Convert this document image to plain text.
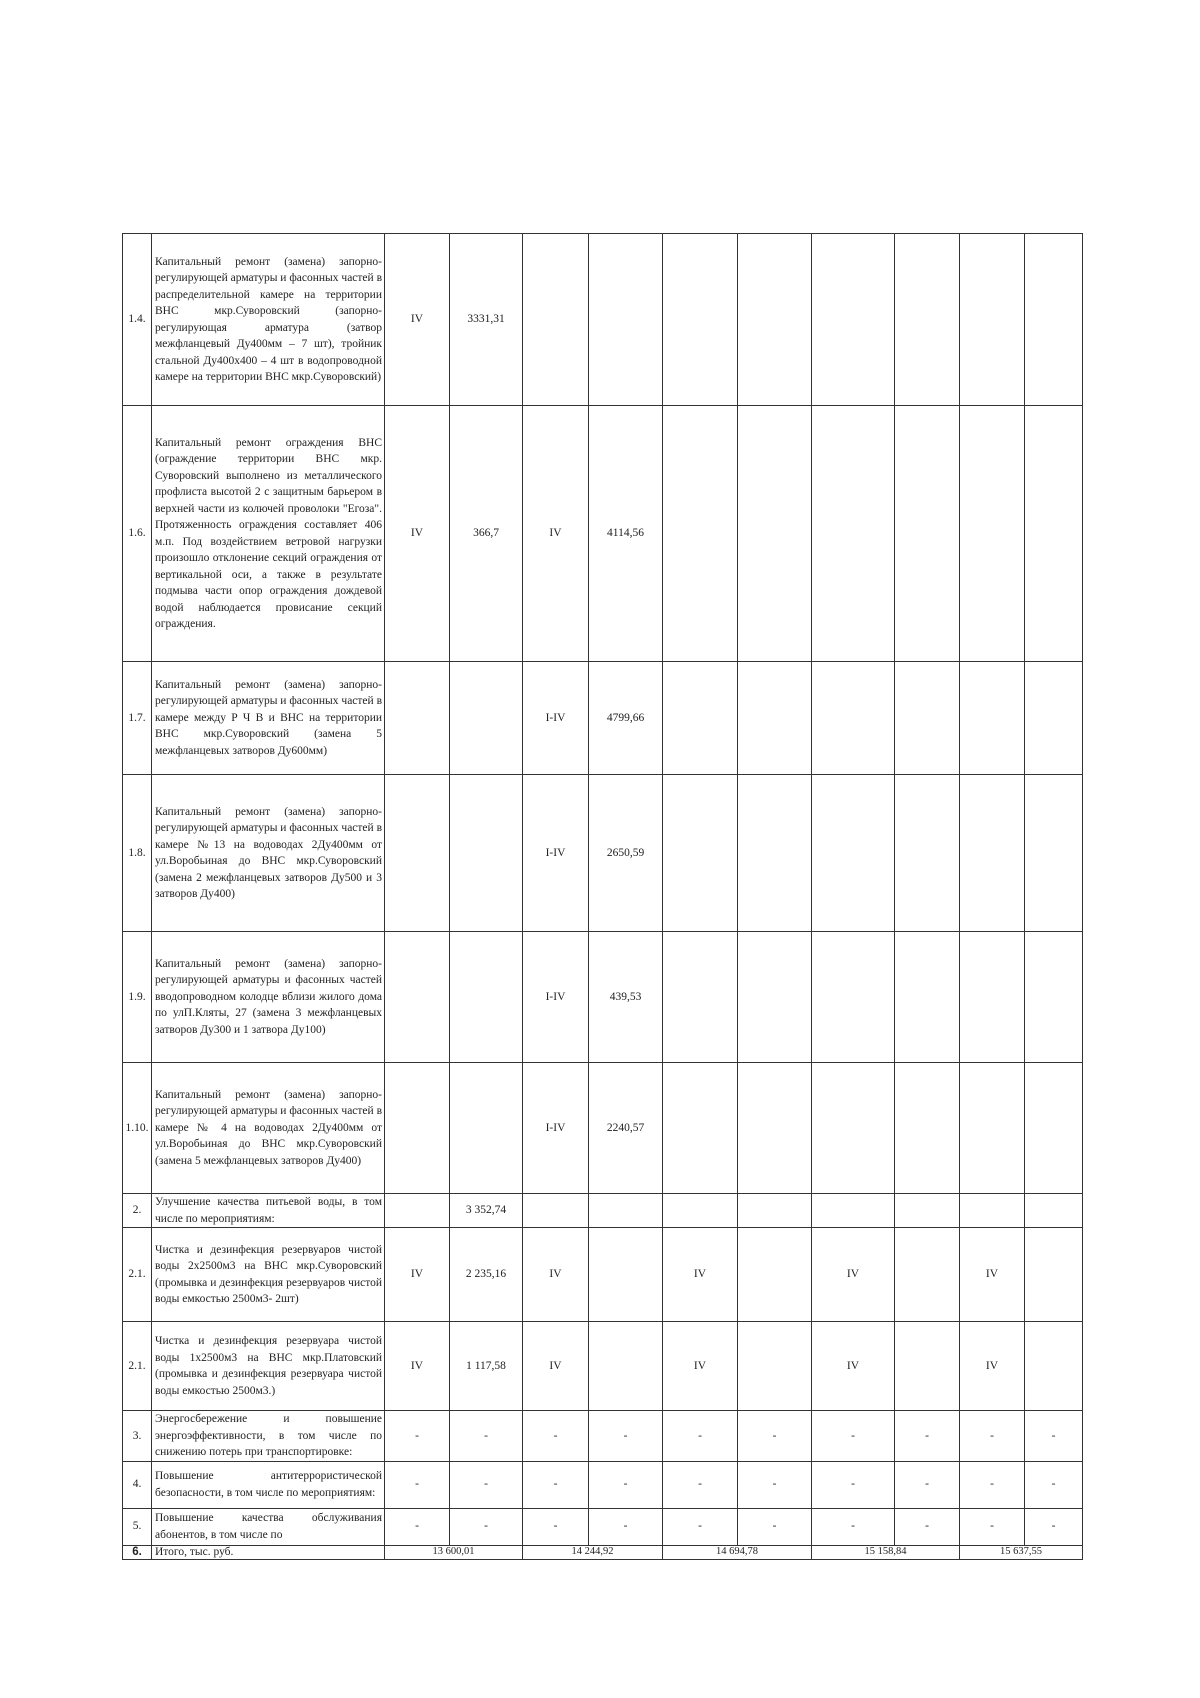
1.4.	Капитальный ремонт (замена) запорно-регулирующей арматуры и фасонных частей в распределительной камере на территории ВНС мкр.Суворовский (запорно-регулирующая арматура (затвор межфланцевый Ду400мм – 7 шт), тройник стальной Ду400х400 – 4 шт в водопроводной камере на территории ВНС мкр.Суворовский)	IV	3331,31								
1.6.	Капитальный ремонт ограждения ВНС (ограждение территории ВНС мкр. Суворовский выполнено из металлического профлиста высотой 2 с защитным барьером в верхней части из колючей проволоки "Егоза". Протяженность ограждения составляет 406 м.п. Под воздействием ветровой нагрузки произошло отклонение секций ограждения от вертикальной оси, а также в результате подмыва части опор ограждения дождевой водой наблюдается провисание секций ограждения.	IV	366,7	IV	4114,56						
1.7.	Капитальный ремонт (замена) запорно-регулирующей арматуры и фасонных частей в камере между Р Ч В и ВНС на территории ВНС мкр.Суворовский (замена 5 межфланцевых затворов Ду600мм)			I-IV	4799,66						
1.8.	Капитальный ремонт (замена) запорно-регулирующей арматуры и фасонных частей в камере №13 на водоводах 2Ду400мм от ул.Воробьиная до ВНС мкр.Суворовский (замена 2 межфланцевых затворов Ду500 и 3 затворов Ду400)			I-IV	2650,59						
1.9.	Капитальный ремонт (замена) запорно-регулирующей арматуры и фасонных частей вводопроводном колодце вблизи жилого дома по улП.Кляты, 27 (замена 3 межфланцевых затворов Ду300 и 1 затвора Ду100)			I-IV	439,53						
1.10.	Капитальный ремонт (замена) запорно-регулирующей арматуры и фасонных частей в камере № 4 на водоводах 2Ду400мм от ул.Воробьиная до ВНС мкр.Суворовский (замена 5 межфланцевых затворов Ду400)			I-IV	2240,57						
2.	Улучшение качества питьевой воды, в том числе по мероприятиям:		3 352,74								
2.1.	Чистка и дезинфекция резервуаров чистой воды 2х2500м3 на ВНС мкр.Суворовский (промывка и дезинфекция резервуаров чистой воды емкостью 2500м3- 2шт)	IV	2 235,16	IV		IV		IV		IV	
2.1.	Чистка и дезинфекция резервуара чистой воды 1х2500м3 на ВНС мкр.Платовский (промывка и дезинфекция резервуара чистой воды емкостью 2500м3.)	IV	1 117,58	IV		IV		IV		IV	
3.	Энергосбережение и повышение энергоэффективности, в том числе по снижению потерь при транспортировке:	-	-	-	-	-	-	-	-	-	-
4.	Повышение антитеррористической безопасности, в том числе по мероприятиям:	-	-	-	-	-	-	-	-	-	-
5.	Повышение качества обслуживания абонентов, в том числе по	-	-	-	-	-	-	-	-	-	-
6.	Итого, тыс. руб.	13 600,01		14 244,92		14 694,78		15 158,84		15 637,55	
